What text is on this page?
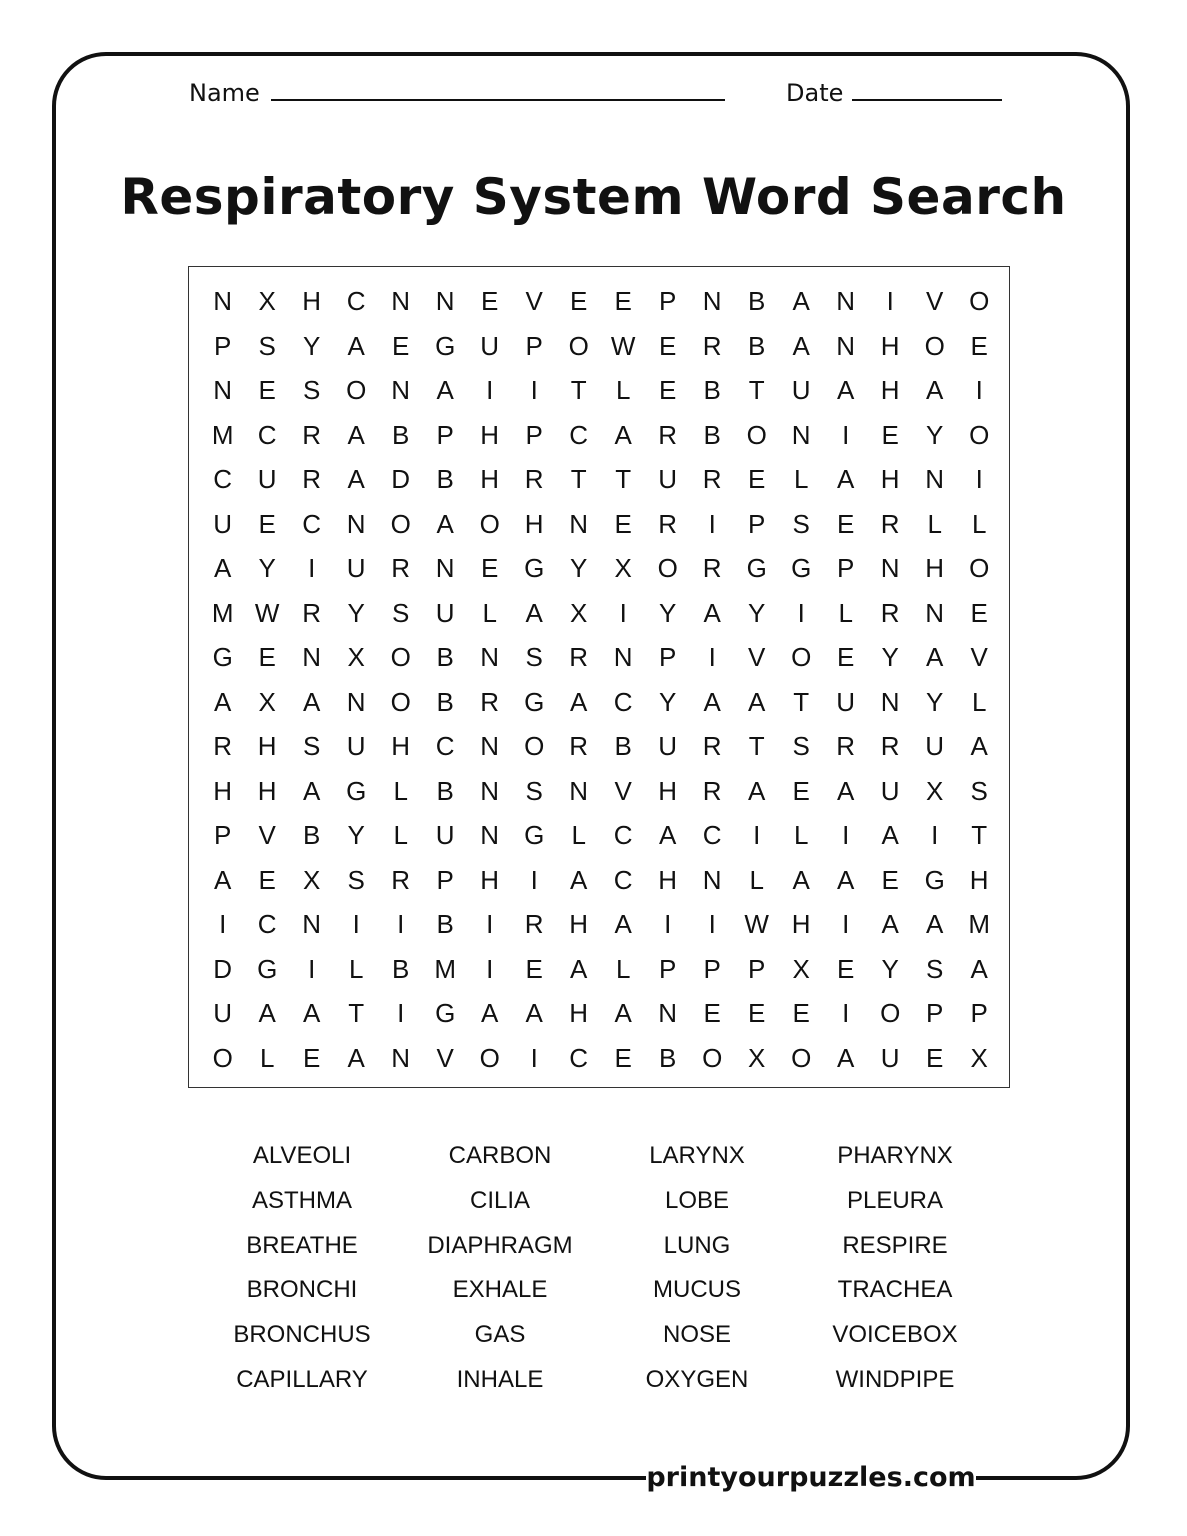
Name	Date
Respiratory System Word Search
N	X	H C N N	E	V	E	E	P	N	B	A	N	I	V O
P	S	Y	A	E G U	P O W E	R	B	A	N H O E
N	E	S O N	A	I	I	T	L	E	B	T	U	A	H	A	I
M C R	A	B	P	H	P	C	A	R	B O N	I	E	Y O
C U R	A	D	B	H R	T	T	U R	E	L	A	H N	I
U	E	C N O A O H N	E	R	I	P	S	E	R	L	L
A	Y	I	U R N	E G Y	X O R G G P	N H O
M W R	Y	S	U	L	A	X	I	Y	A	Y	I	L	R N	E
G E	N	X O B	N	S	R N	P	I	V O E	Y	A	V
A	X	A	N O B	R G A	C	Y	A	A	T	U N	Y	L
R H	S	U H C N O R	B	U R	T	S	R R U	A
H H	A G	L	B	N	S	N	V	H R	A	E	A	U	X	S
P	V	B	Y	L	U N G	L	C	A	C	I	L	I	A	I	T
A	E	X	S	R	P	H	I	A	C H N	L	A	A	E G H
I	C N	I	I	B	I	R H	A	I	I	W H	I	A	A M
D G	I	L	B M	I	E	A	L	P	P	P	X	E	Y	S	A
U	A	A	T	I	G A	A	H	A	N	E	E	E	I	O P	P
O	L	E	A	N	V O	I	C	E	B O X O A	U	E	X
ALVEOLI	CARBON	LARYNX	PHARYNX
ASTHMA	CILIA	LOBE	PLEURA
BREATHE	DIAPHRAGM	LUNG	RESPIRE
BRONCHI	EXHALE	MUCUS	TRACHEA
BRONCHUS	GAS	NOSE	VOICEBOX
CAPILLARY	INHALE	OXYGEN	WINDPIPE
printyourpuzzles.com
